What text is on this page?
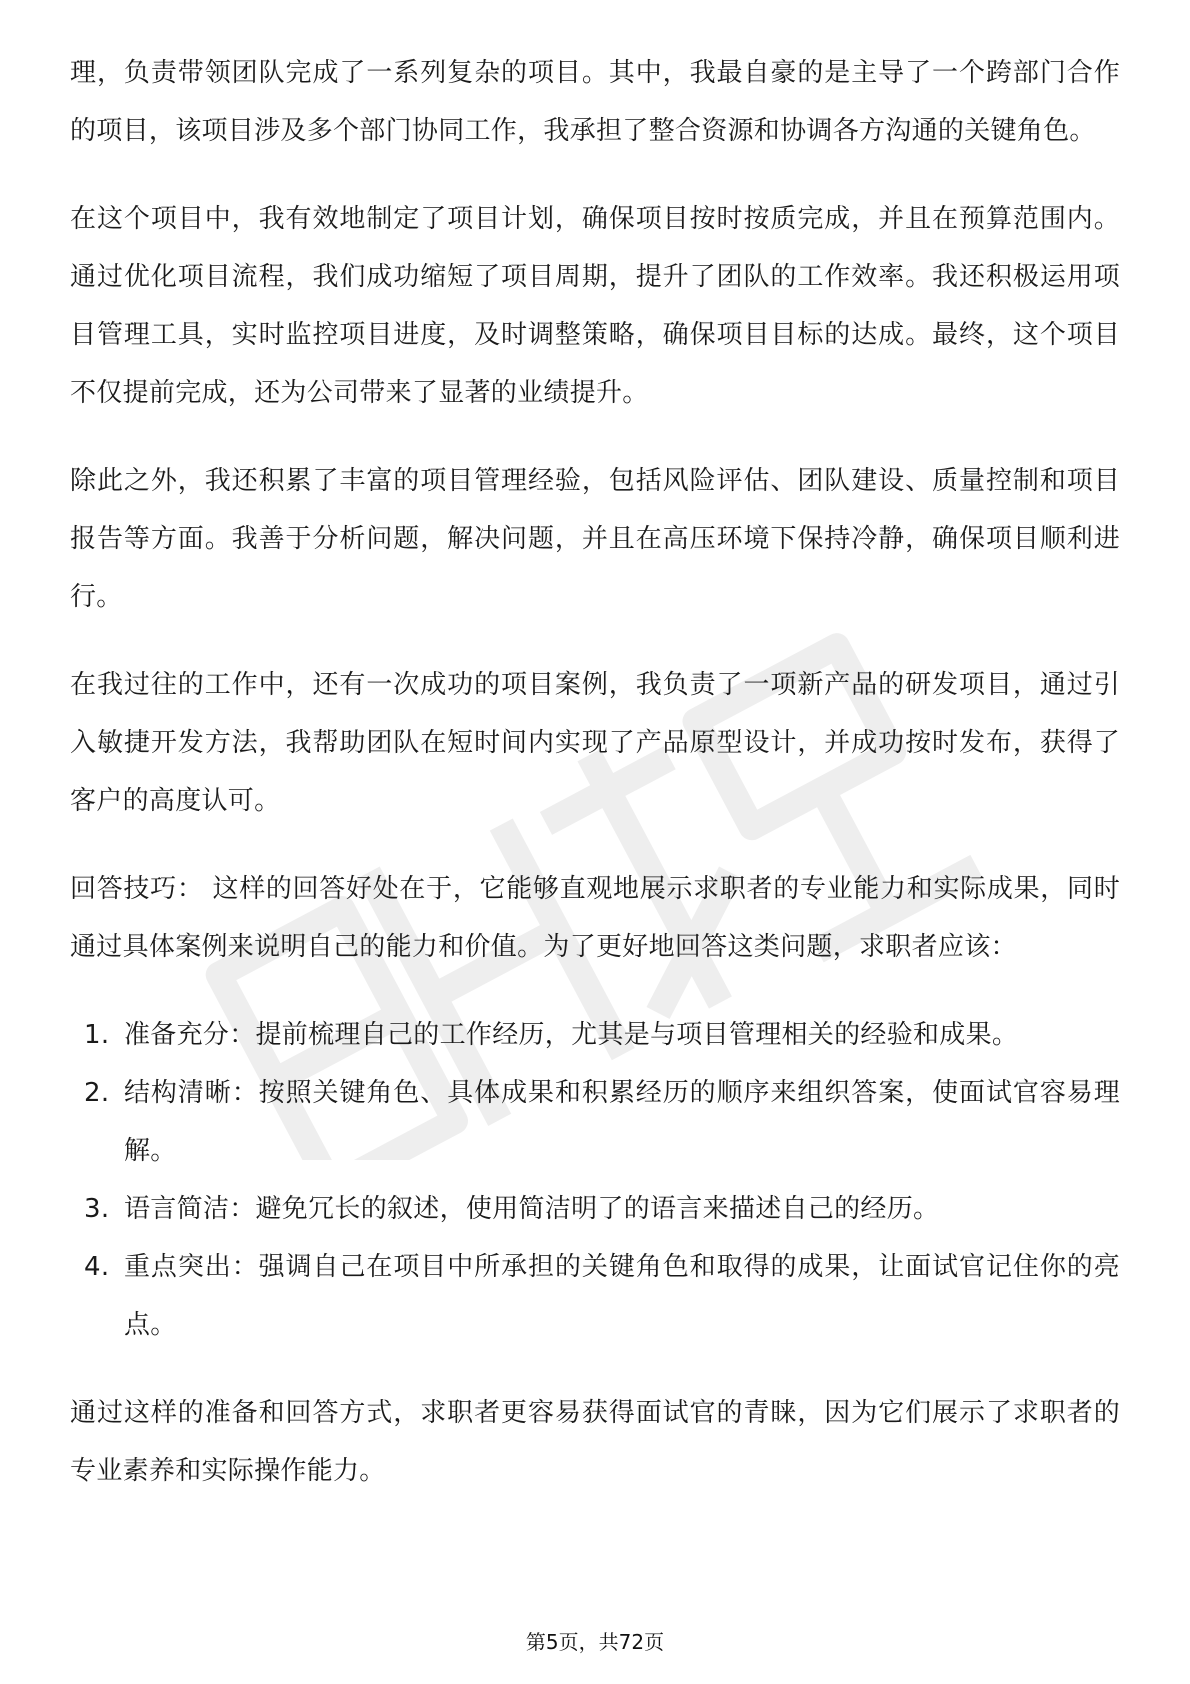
理，负责带领团队完成了一系列复杂的项目。其中，我最自豪的是主导了一个跨部门合作的项目，该项目涉及多个部门协同工作，我承担了整合资源和协调各方沟通的关键角色。

在这个项目中，我有效地制定了项目计划，确保项目按时按质完成，并且在预算范围内。通过优化项目流程，我们成功缩短了项目周期，提升了团队的工作效率。我还积极运用项目管理工具，实时监控项目进度，及时调整策略，确保项目目标的达成。最终，这个项目不仅提前完成，还为公司带来了显著的业绩提升。

除此之外，我还积累了丰富的项目管理经验，包括风险评估、团队建设、质量控制和项目报告等方面。我善于分析问题，解决问题，并且在高压环境下保持冷静，确保项目顺利进行。

在我过往的工作中，还有一次成功的项目案例，我负责了一项新产品的研发项目，通过引入敏捷开发方法，我帮助团队在短时间内实现了产品原型设计，并成功按时发布，获得了客户的高度认可。

回答技巧： 这样的回答好处在于，它能够直观地展示求职者的专业能力和实际成果，同时通过具体案例来说明自己的能力和价值。为了更好地回答这类问题，求职者应该：

1. 准备充分：提前梳理自己的工作经历，尤其是与项目管理相关的经验和成果。
2. 结构清晰：按照关键角色、具体成果和积累经历的顺序来组织答案，使面试官容易理解。
3. 语言简洁：避免冗长的叙述，使用简洁明了的语言来描述自己的经历。
4. 重点突出：强调自己在项目中所承担的关键角色和取得的成果，让面试官记住你的亮点。

通过这样的准备和回答方式，求职者更容易获得面试官的青睐，因为它们展示了求职者的专业素养和实际操作能力。

第5页，共72页
